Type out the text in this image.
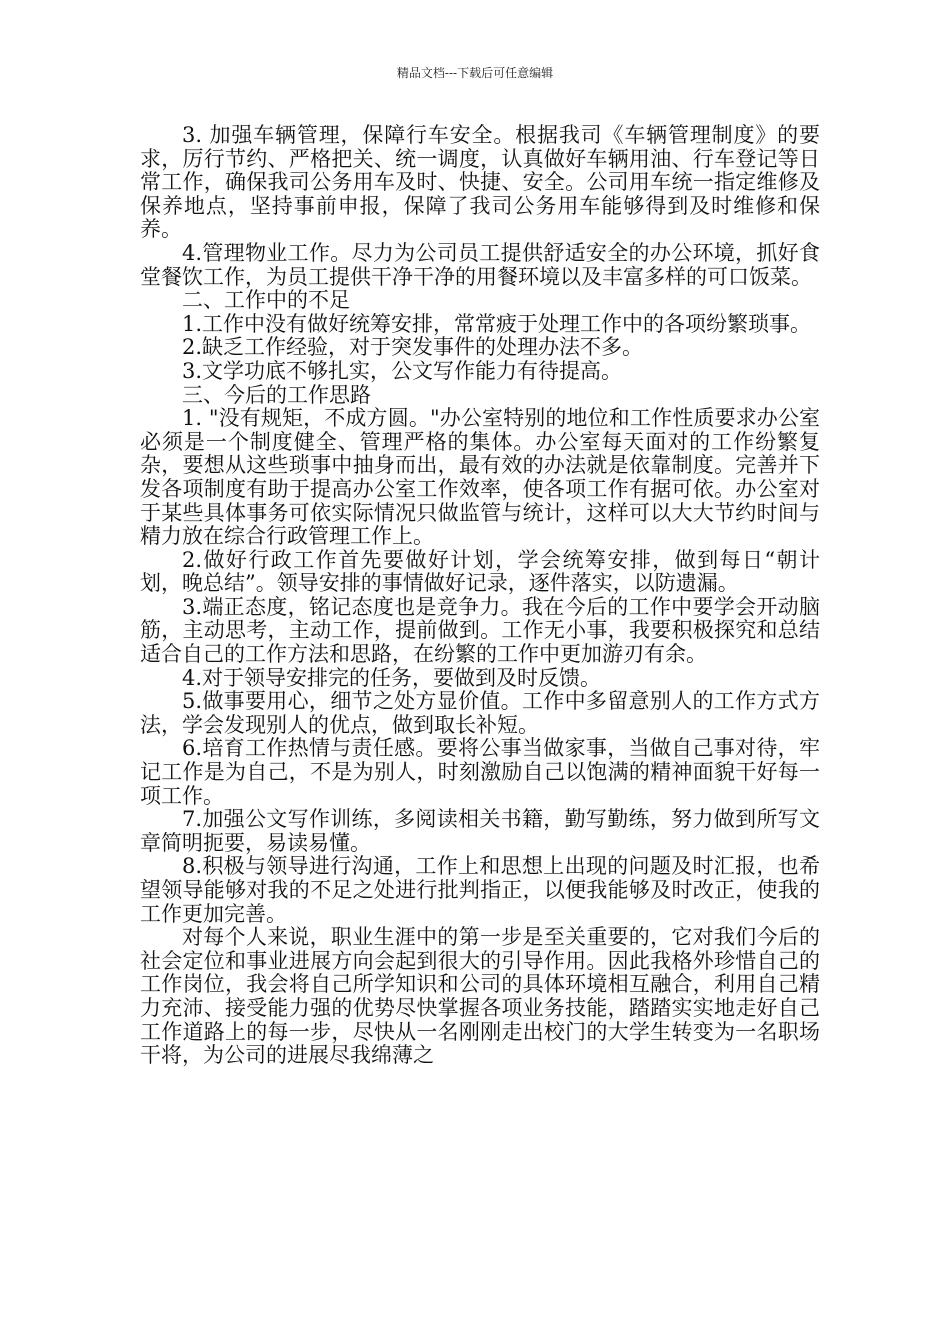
精品文档---下载后可任意编辑

3. 加强车辆管理，保障行车安全。根据我司《车辆管理制度》的要求，厉行节约、严格把关、统一调度，认真做好车辆用油、行车登记等日常工作，确保我司公务用车及时、快捷、安全。公司用车统一指定维修及保养地点，坚持事前申报，保障了我司公务用车能够得到及时维修和保养。

4.管理物业工作。尽力为公司员工提供舒适安全的办公环境，抓好食堂餐饮工作，为员工提供干净干净的用餐环境以及丰富多样的可口饭菜。

二、工作中的不足

1.工作中没有做好统筹安排，常常疲于处理工作中的各项纷繁琐事。

2.缺乏工作经验，对于突发事件的处理办法不多。

3.文学功底不够扎实，公文写作能力有待提高。

三、今后的工作思路

1. "没有规矩，不成方圆。"办公室特别的地位和工作性质要求办公室必须是一个制度健全、管理严格的集体。办公室每天面对的工作纷繁复杂，要想从这些琐事中抽身而出，最有效的办法就是依靠制度。完善并下发各项制度有助于提高办公室工作效率，使各项工作有据可依。办公室对于某些具体事务可依实际情况只做监管与统计，这样可以大大节约时间与精力放在综合行政管理工作上。

2.做好行政工作首先要做好计划，学会统筹安排，做到每日“朝计划，晚总结”。领导安排的事情做好记录，逐件落实，以防遗漏。

3.端正态度，铭记态度也是竞争力。我在今后的工作中要学会开动脑筋，主动思考，主动工作，提前做到。工作无小事，我要积极探究和总结适合自己的工作方法和思路，在纷繁的工作中更加游刃有余。

4.对于领导安排完的任务，要做到及时反馈。

5.做事要用心，细节之处方显价值。工作中多留意别人的工作方式方法，学会发现别人的优点，做到取长补短。

6.培育工作热情与责任感。要将公事当做家事，当做自己事对待，牢记工作是为自己，不是为别人，时刻激励自己以饱满的精神面貌干好每一项工作。

7.加强公文写作训练，多阅读相关书籍，勤写勤练，努力做到所写文章简明扼要，易读易懂。

8.积极与领导进行沟通，工作上和思想上出现的问题及时汇报，也希望领导能够对我的不足之处进行批判指正，以便我能够及时改正，使我的工作更加完善。

对每个人来说，职业生涯中的第一步是至关重要的，它对我们今后的社会定位和事业进展方向会起到很大的引导作用。因此我格外珍惜自己的工作岗位，我会将自己所学知识和公司的具体环境相互融合，利用自己精力充沛、接受能力强的优势尽快掌握各项业务技能，踏踏实实地走好自己工作道路上的每一步，尽快从一名刚刚走出校门的大学生转变为一名职场干将，为公司的进展尽我绵薄之
